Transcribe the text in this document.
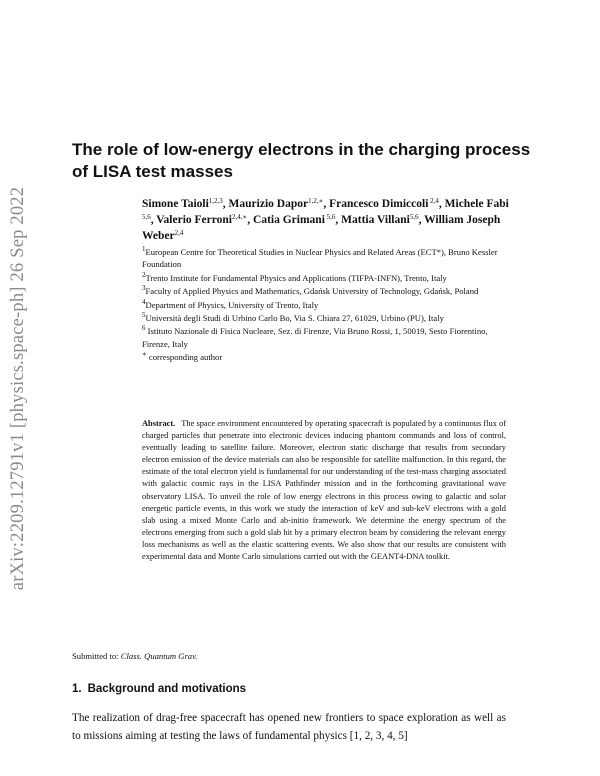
arXiv:2209.12791v1 [physics.space-ph] 26 Sep 2022
The role of low-energy electrons in the charging process of LISA test masses
Simone Taioli$^{1,2,3}$, Maurizio Dapor$^{1,2,∗}$, Francesco Dimiccoli $^{2,4}$, Michele Fabi $^{5,6}$, Valerio Ferroni$^{2,4,∗}$, Catia Grimani $^{5,6}$, Mattia Villani$^{5,6}$, William Joseph Weber$^{2,4}$

$^1$European Centre for Theoretical Studies in Nuclear Physics and Related Areas (ECT*), Bruno Kessler Foundation

$^2$Trento Institute for Fundamental Physics and Applications (TIFPA-INFN), Trento, Italy

$^3$Faculty of Applied Physics and Mathematics, Gdańsk University of Technology, Gdańsk, Poland

$^4$Department of Physics, University of Trento, Italy

$^5$Università degli Studi di Urbino Carlo Bo, Via S. Chiara 27, 61029, Urbino (PU), Italy

$^6$ Istituto Nazionale di Fisica Nucleare, Sez. di Firenze, Via Bruno Rossi, 1, 50019, Sesto Fiorentino, Firenze, Italy

∗ corresponding author

Abstract. The space environment encountered by operating spacecraft is populated by a continuous flux of charged particles that penetrate into electronic devices inducing phantom commands and loss of control, eventually leading to satellite failure. Moreover, electron static discharge that results from secondary electron emission of the device materials can also be responsible for satellite malfunction. In this regard, the estimate of the total electron yield is fundamental for our understanding of the test-mass charging associated with galactic cosmic rays in the LISA Pathfinder mission and in the forthcoming gravitational wave observatory LISA. To unveil the role of low energy electrons in this process owing to galactic and solar energetic particle events, in this work we study the interaction of keV and sub-keV electrons with a gold slab using a mixed Monte Carlo and ab-initio framework. We determine the energy spectrum of the electrons emerging from such a gold slab hit by a primary electron beam by considering the relevant energy loss mechanisms as well as the elastic scattering events. We also show that our results are consistent with experimental data and Monte Carlo simulations carried out with the GEANT4-DNA toolkit.

Submitted to: Class. Quantum Grav.
1. Background and motivations

The realization of drag-free spacecraft has opened new frontiers to space exploration as well as to missions aiming at testing the laws of fundamental physics [1, 2, 3, 4, 5]
